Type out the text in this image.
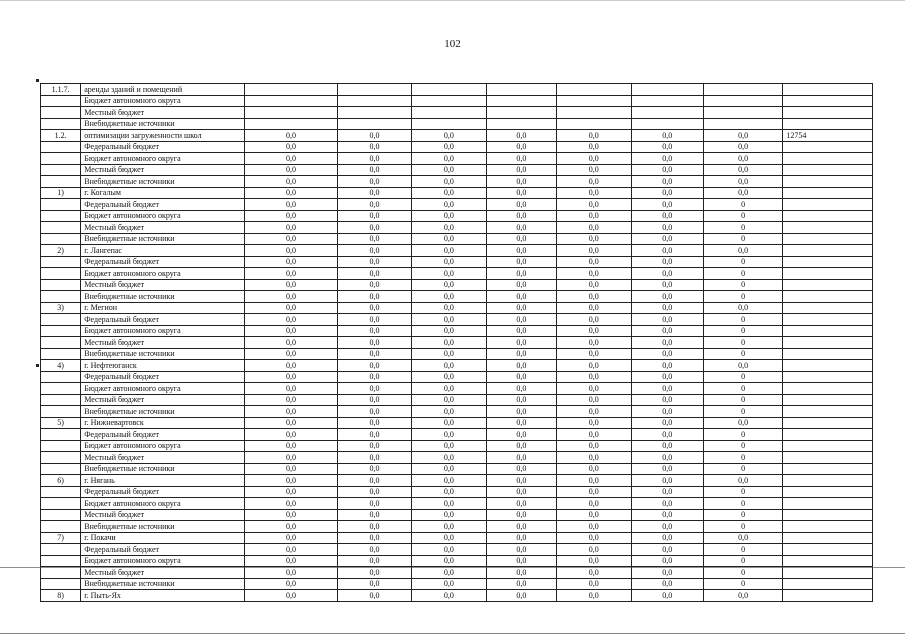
102
1.1.7.	аренды зданий и помещений								
	Бюджет автономного округа								
	Местный бюджет								
	Внебюджетные источники								
1.2.	оптимизации загруженности школ	0,0	0,0	0,0	0,0	0,0	0,0	0,0	12754
	Федеральный бюджет	0,0	0,0	0,0	0,0	0,0	0,0	0,0	
	Бюджет автономного округа	0,0	0,0	0,0	0,0	0,0	0,0	0,0	
	Местный бюджет	0,0	0,0	0,0	0,0	0,0	0,0	0,0	
	Внебюджетные источники	0,0	0,0	0,0	0,0	0,0	0,0	0,0	
1)	г. Когалым	0,0	0,0	0,0	0,0	0,0	0,0	0,0	
	Федеральный бюджет	0,0	0,0	0,0	0,0	0,0	0,0	0	
	Бюджет автономного округа	0,0	0,0	0,0	0,0	0,0	0,0	0	
	Местный бюджет	0,0	0,0	0,0	0,0	0,0	0,0	0	
	Внебюджетные источники	0,0	0,0	0,0	0,0	0,0	0,0	0	
2)	г. Лангепас	0,0	0,0	0,0	0,0	0,0	0,0	0,0	
	Федеральный бюджет	0,0	0,0	0,0	0,0	0,0	0,0	0	
	Бюджет автономного округа	0,0	0,0	0,0	0,0	0,0	0,0	0	
	Местный бюджет	0,0	0,0	0,0	0,0	0,0	0,0	0	
	Внебюджетные источники	0,0	0,0	0,0	0,0	0,0	0,0	0	
3)	г. Мегион	0,0	0,0	0,0	0,0	0,0	0,0	0,0	
	Федеральный бюджет	0,0	0,0	0,0	0,0	0,0	0,0	0	
	Бюджет автономного округа	0,0	0,0	0,0	0,0	0,0	0,0	0	
	Местный бюджет	0,0	0,0	0,0	0,0	0,0	0,0	0	
	Внебюджетные источники	0,0	0,0	0,0	0,0	0,0	0,0	0	
4)	г. Нефтеюганск	0,0	0,0	0,0	0,0	0,0	0,0	0,0	
	Федеральный бюджет	0,0	0,0	0,0	0,0	0,0	0,0	0	
	Бюджет автономного округа	0,0	0,0	0,0	0,0	0,0	0,0	0	
	Местный бюджет	0,0	0,0	0,0	0,0	0,0	0,0	0	
	Внебюджетные источники	0,0	0,0	0,0	0,0	0,0	0,0	0	
5)	г. Нижневартовск	0,0	0,0	0,0	0,0	0,0	0,0	0,0	
	Федеральный бюджет	0,0	0,0	0,0	0,0	0,0	0,0	0	
	Бюджет автономного округа	0,0	0,0	0,0	0,0	0,0	0,0	0	
	Местный бюджет	0,0	0,0	0,0	0,0	0,0	0,0	0	
	Внебюджетные источники	0,0	0,0	0,0	0,0	0,0	0,0	0	
6)	г. Нягань	0,0	0,0	0,0	0,0	0,0	0,0	0,0	
	Федеральный бюджет	0,0	0,0	0,0	0,0	0,0	0,0	0	
	Бюджет автономного округа	0,0	0,0	0,0	0,0	0,0	0,0	0	
	Местный бюджет	0,0	0,0	0,0	0,0	0,0	0,0	0	
	Внебюджетные источники	0,0	0,0	0,0	0,0	0,0	0,0	0	
7)	г. Покачи	0,0	0,0	0,0	0,0	0,0	0,0	0,0	
	Федеральный бюджет	0,0	0,0	0,0	0,0	0,0	0,0	0	
	Бюджет автономного округа	0,0	0,0	0,0	0,0	0,0	0,0	0	
	Местный бюджет	0,0	0,0	0,0	0,0	0,0	0,0	0	
	Внебюджетные источники	0,0	0,0	0,0	0,0	0,0	0,0	0	
8)	г. Пыть-Ях	0,0	0,0	0,0	0,0	0,0	0,0	0,0	
